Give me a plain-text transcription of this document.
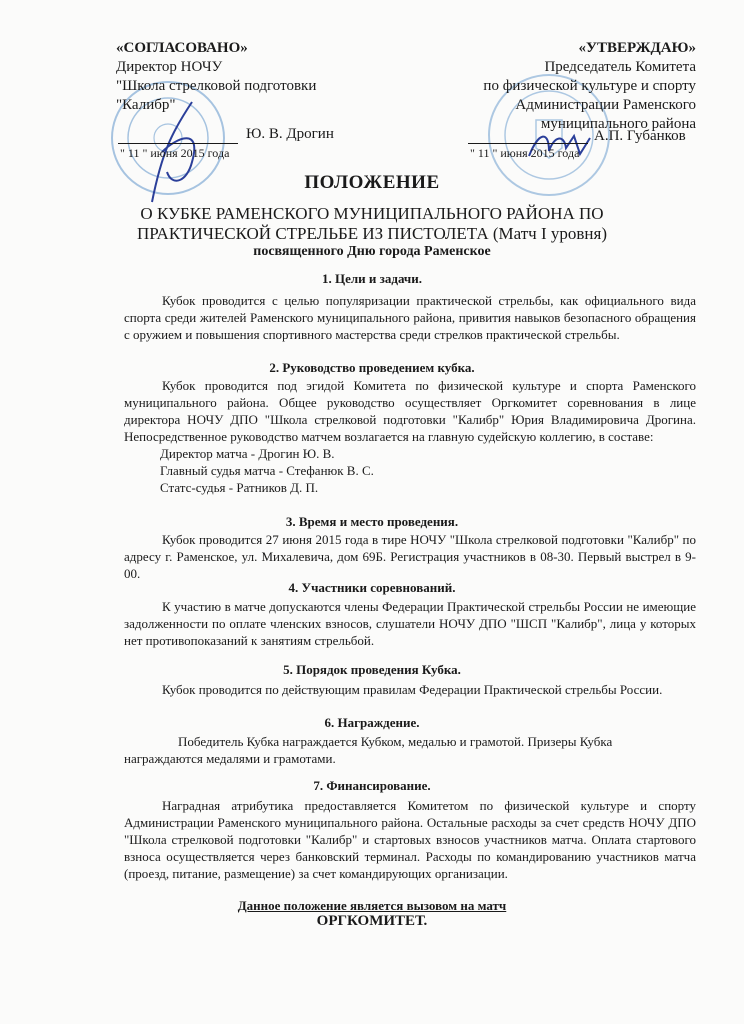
«СОГЛАСОВАНО»
Директор НОЧУ
"Школа стрелковой подготовки
"Калибр"
Ю. В. Дрогин
" 11 " июня 2015 года
«УТВЕРЖДАЮ»
Председатель Комитета
по физической культуре и спорту
Администрации Раменского
муниципального района
А.П. Губанков
" 11 " июня 2015 года
ПОЛОЖЕНИЕ
О КУБКЕ РАМЕНСКОГО МУНИЦИПАЛЬНОГО РАЙОНА ПО
ПРАКТИЧЕСКОЙ СТРЕЛЬБЕ ИЗ ПИСТОЛЕТА (Матч I уровня)
посвященного Дню города Раменское
1. Цели и задачи.
Кубок проводится с целью популяризации практической стрельбы, как официального вида спорта среди жителей Раменского муниципального района, привития навыков безопасного обращения с оружием и повышения спортивного мастерства среди стрелков практической стрельбы.
2. Руководство проведением кубка.
Кубок проводится под эгидой Комитета по физической культуре и спорта Раменского муниципального района. Общее руководство осуществляет Оргкомитет соревнования в лице директора НОЧУ ДПО "Школа стрелковой подготовки "Калибр" Юрия Владимировича Дрогина. Непосредственное руководство матчем возлагается на главную судейскую коллегию, в составе:
Директор матча - Дрогин Ю. В.
Главный судья матча - Стефанюк В. С.
Статс-судья - Ратников Д. П.
3. Время и место проведения.
Кубок проводится 27 июня 2015 года в тире НОЧУ "Школа стрелковой подготовки "Калибр" по адресу г. Раменское, ул. Михалевича, дом 69Б. Регистрация участников в 08-30. Первый выстрел в 9-00.
4. Участники соревнований.
К участию в матче допускаются члены Федерации Практической стрельбы России не имеющие задолженности по оплате членских взносов, слушатели НОЧУ ДПО "ШСП "Калибр", лица у которых нет противопоказаний к занятиям стрельбой.
5. Порядок проведения Кубка.
Кубок проводится по действующим правилам Федерации Практической стрельбы России.
6. Награждение.
Победитель Кубка награждается Кубком, медалью и грамотой. Призеры Кубка награждаются медалями и грамотами.
7. Финансирование.
Наградная атрибутика предоставляется Комитетом по физической культуре и спорту Администрации Раменского муниципального района. Остальные расходы за счет средств НОЧУ ДПО "Школа стрелковой подготовки "Калибр" и стартовых взносов участников матча. Оплата стартового взноса осуществляется через банковский терминал. Расходы по командированию участников матча (проезд, питание, размещение) за счет командирующих организации.
Данное положение является вызовом на матч
ОРГКОМИТЕТ.
